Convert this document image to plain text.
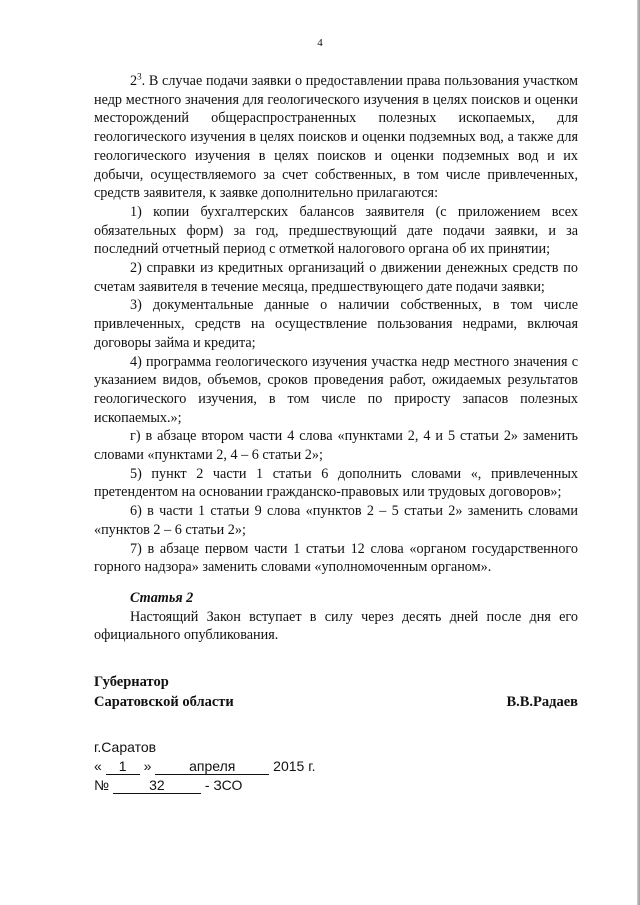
4

$2^3$. В случае подачи заявки о предоставлении права пользования участком недр местного значения для геологического изучения в целях поисков и оценки месторождений общераспространенных полезных ископаемых, для геологического изучения в целях поисков и оценки подземных вод, а также для геологического изучения в целях поисков и оценки подземных вод и их добычи, осуществляемого за счет собственных, в том числе привлеченных, средств заявителя, к заявке дополнительно прилагаются:

1) копии бухгалтерских балансов заявителя (с приложением всех обязательных форм) за год, предшествующий дате подачи заявки, и за последний отчетный период с отметкой налогового органа об их принятии;

2) справки из кредитных организаций о движении денежных средств по счетам заявителя в течение месяца, предшествующего дате подачи заявки;

3) документальные данные о наличии собственных, в том числе привлеченных, средств на осуществление пользования недрами, включая договоры займа и кредита;

4) программа геологического изучения участка недр местного значения с указанием видов, объемов, сроков проведения работ, ожидаемых результатов геологического изучения, в том числе по приросту запасов полезных ископаемых.»;

г) в абзаце втором части 4 слова «пунктами 2, 4 и 5 статьи 2» заменить словами «пунктами 2, 4 – 6 статьи 2»;

5) пункт 2 части 1 статьи 6 дополнить словами «, привлеченных претендентом на основании гражданско-правовых или трудовых договоров»;

6) в части 1 статьи 9 слова «пунктов 2 – 5 статьи 2» заменить словами «пунктов 2 – 6 статьи 2»;

7) в абзаце первом части 1 статьи 12 слова «органом государственного горного надзора» заменить словами «уполномоченным органом».

Статья 2

Настоящий Закон вступает в силу через десять дней после дня его официального опубликования.

Губернатор
Саратовской области	В.В.Радаев
г.Саратов
« 1 »	апреля	2015 г.
№	32	- ЗСО
